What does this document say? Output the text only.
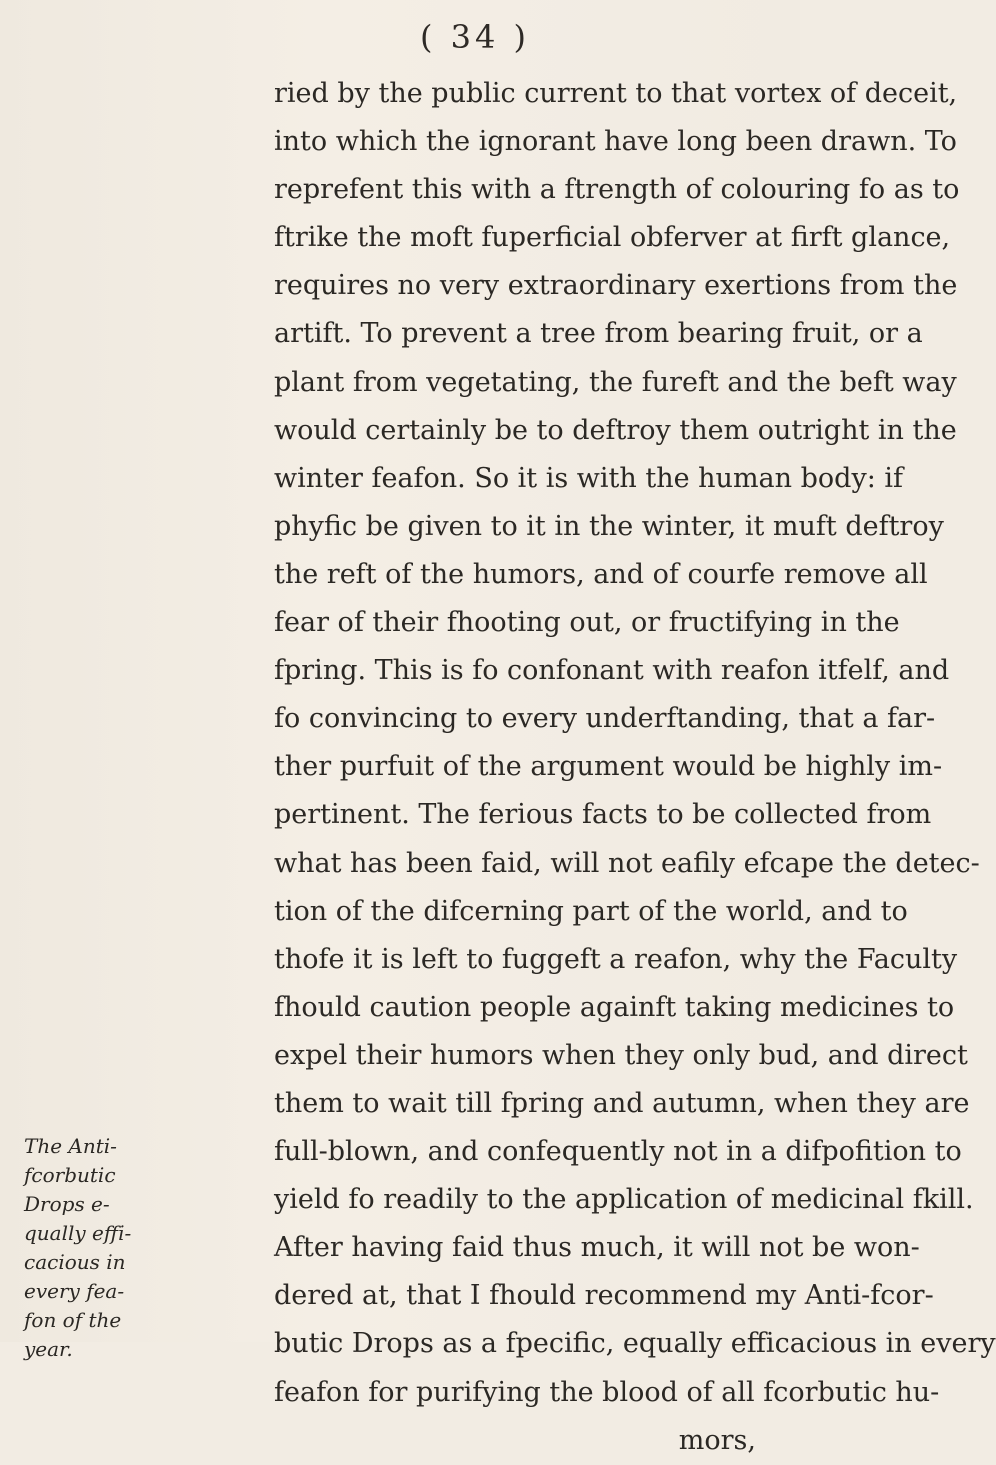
( 34 )
ried by the public current to that vortex of deceit,
into which the ignorant have long been drawn. To
reprefent this with a ftrength of colouring fo as to
ftrike the moft fuperficial obferver at firft glance,
requires no very extraordinary exertions from the
artift. To prevent a tree from bearing fruit, or a
plant from vegetating, the fureft and the beft way
would certainly be to deftroy them outright in the
winter feafon. So it is with the human body: if
phyfic be given to it in the winter, it muft deftroy
the reft of the humors, and of courfe remove all
fear of their fhooting out, or fructifying in the
fpring. This is fo confonant with reafon itfelf, and
fo convincing to every underftanding, that a far-
ther purfuit of the argument would be highly im-
pertinent. The ferious facts to be collected from
what has been faid, will not eafily efcape the detec-
tion of the difcerning part of the world, and to
thofe it is left to fuggeft a reafon, why the Faculty
fhould caution people againft taking medicines to
expel their humors when they only bud, and direct
them to wait till fpring and autumn, when they are
full-blown, and confequently not in a difpofition to
yield fo readily to the application of medicinal fkill.
After having faid thus much, it will not be won-
dered at, that I fhould recommend my Anti-fcor-
butic Drops as a fpecific, equally efficacious in every
feafon for purifying the blood of all fcorbutic hu-
mors,
The Anti-
fcorbutic
Drops e-
qually effi-
cacious in
every fea-
fon of the
year.
